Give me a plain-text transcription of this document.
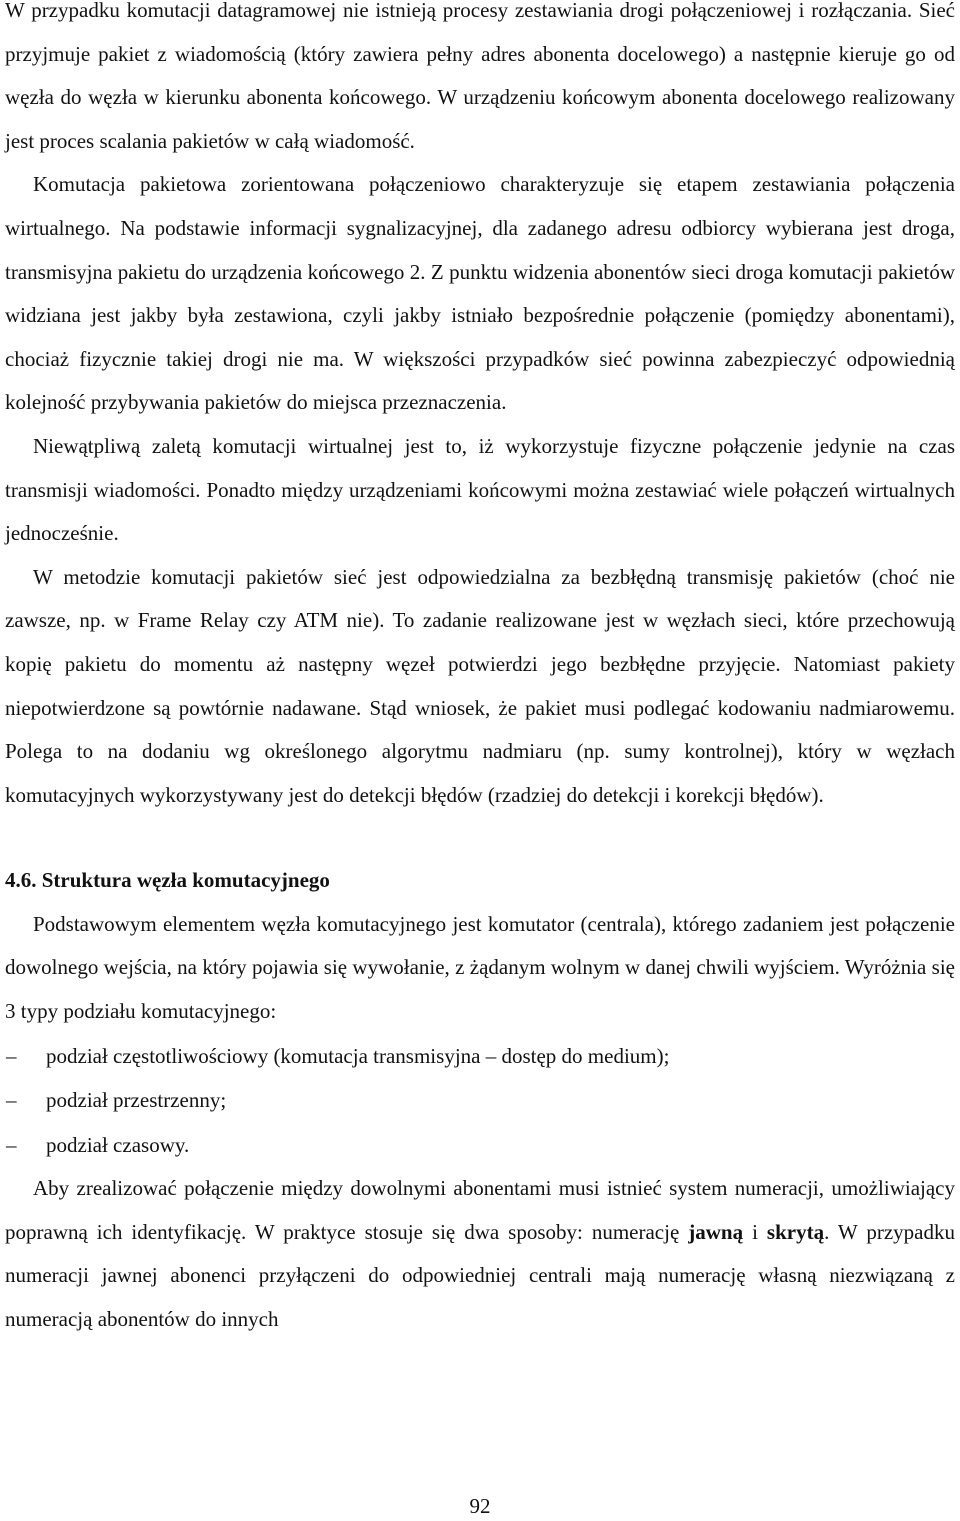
W przypadku komutacji datagramowej nie istnieją procesy zestawiania drogi połączeniowej i rozłączania. Sieć przyjmuje pakiet z wiadomością (który zawiera pełny adres abonenta docelowego) a następnie kieruje go od węzła do węzła w kierunku abonenta końcowego. W urządzeniu końcowym abonenta docelowego realizowany jest proces scalania pakietów w całą wiadomość.

Komutacja pakietowa zorientowana połączeniowo charakteryzuje się etapem zestawiania połączenia wirtualnego. Na podstawie informacji sygnalizacyjnej, dla zadanego adresu odbiorcy wybierana jest droga, transmisyjna pakietu do urządzenia końcowego 2. Z punktu widzenia abonentów sieci droga komutacji pakietów widziana jest jakby była zestawiona, czyli jakby istniało bezpośrednie połączenie (pomiędzy abonentami), chociaż fizycznie takiej drogi nie ma. W większości przypadków sieć powinna zabezpieczyć odpowiednią kolejność przybywania pakietów do miejsca przeznaczenia.

Niewątpliwą zaletą komutacji wirtualnej jest to, iż wykorzystuje fizyczne połączenie jedynie na czas transmisji wiadomości. Ponadto między urządzeniami końcowymi można zestawiać wiele połączeń wirtualnych jednocześnie.

W metodzie komutacji pakietów sieć jest odpowiedzialna za bezbłędną transmisję pakietów (choć nie zawsze, np. w Frame Relay czy ATM nie). To zadanie realizowane jest w węzłach sieci, które przechowują kopię pakietu do momentu aż następny węzeł potwierdzi jego bezbłędne przyjęcie. Natomiast pakiety niepotwierdzone są powtórnie nadawane. Stąd wniosek, że pakiet musi podlegać kodowaniu nadmiarowemu. Polega to na dodaniu wg określonego algorytmu nadmiaru (np. sumy kontrolnej), który w węzłach komutacyjnych wykorzystywany jest do detekcji błędów (rzadziej do detekcji i korekcji błędów).

4.6. Struktura węzła komutacyjnego

Podstawowym elementem węzła komutacyjnego jest komutator (centrala), którego zadaniem jest połączenie dowolnego wejścia, na który pojawia się wywołanie, z żądanym wolnym w danej chwili wyjściem. Wyróżnia się 3 typy podziału komutacyjnego:

– podział częstotliwościowy (komutacja transmisyjna – dostęp do medium);
– podział przestrzenny;
– podział czasowy.

Aby zrealizować połączenie między dowolnymi abonentami musi istnieć system numeracji, umożliwiający poprawną ich identyfikację. W praktyce stosuje się dwa sposoby: numerację jawną i skrytą. W przypadku numeracji jawnej abonenci przyłączeni do odpowiedniej centrali mają numerację własną niezwiązaną z numeracją abonentów do innych

92
